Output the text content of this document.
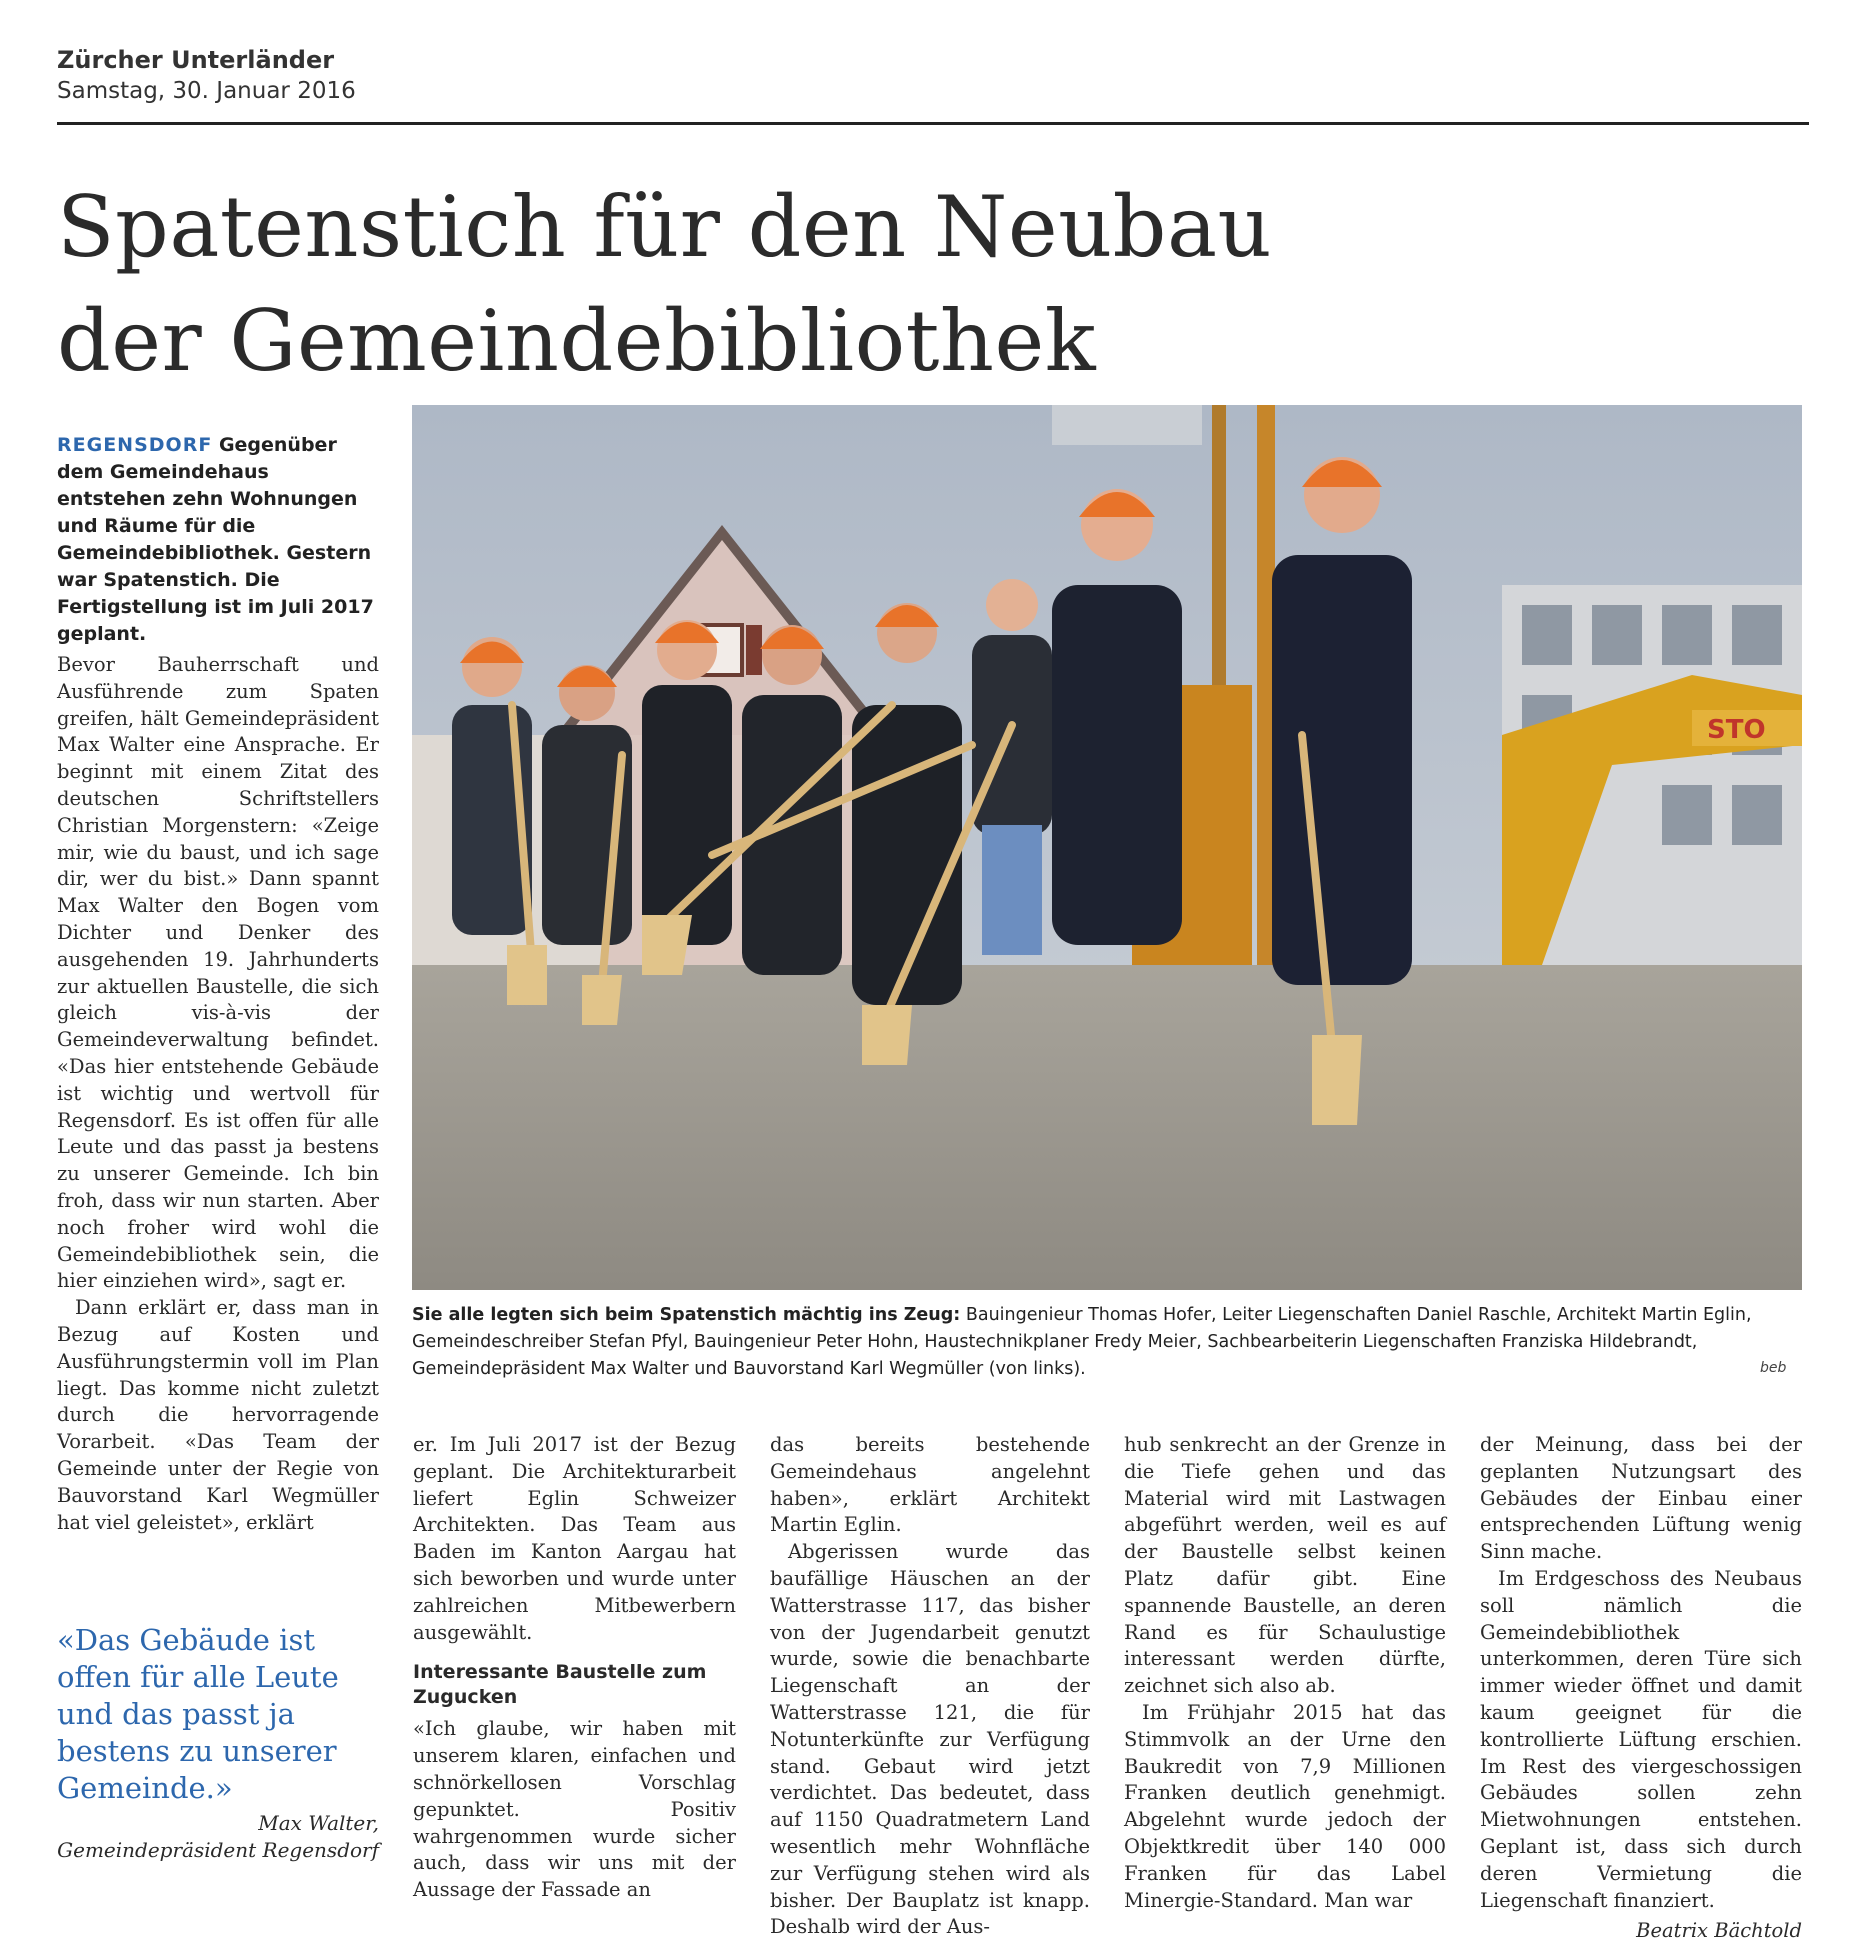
Zürcher Unterländer
Samstag, 30. Januar 2016
Spatenstich für den Neubau
der Gemeindebibliothek
REGENSDORF Gegenüber dem Gemeindehaus entstehen zehn Wohnungen und Räume für die Gemeindebibliothek. Gestern war Spatenstich. Die Fertigstellung ist im Juli 2017 geplant.

Bevor Bauherrschaft und Ausführende zum Spaten greifen, hält Gemeindepräsident Max Walter eine Ansprache. Er beginnt mit einem Zitat des deutschen Schriftstellers Christian Morgenstern: «Zeige mir, wie du baust, und ich sage dir, wer du bist.» Dann spannt Max Walter den Bogen vom Dichter und Denker des ausgehenden 19. Jahrhunderts zur aktuellen Baustelle, die sich gleich vis-à-vis der Gemeindeverwaltung befindet. «Das hier entstehende Gebäude ist wichtig und wertvoll für Regensdorf. Es ist offen für alle Leute und das passt ja bestens zu unserer Gemeinde. Ich bin froh, dass wir nun starten. Aber noch froher wird wohl die Gemeindebibliothek sein, die hier einziehen wird», sagt er.

Dann erklärt er, dass man in Bezug auf Kosten und Ausführungstermin voll im Plan liegt. Das komme nicht zuletzt durch die hervorragende Vorarbeit. «Das Team der Gemeinde unter der Regie von Bauvorstand Karl Wegmüller hat viel geleistet», erklärt

«Das Gebäude ist offen für alle Leute und das passt ja bestens zu unserer Gemeinde.»
Max Walter,
Gemeindepräsident Regensdorf
STO
Sie alle legten sich beim Spatenstich mächtig ins Zeug: Bauingenieur Thomas Hofer, Leiter Liegenschaften Daniel Raschle, Architekt Martin Eglin, Gemeindeschreiber Stefan Pfyl, Bauingenieur Peter Hohn, Haustechnikplaner Fredy Meier, Sachbearbeiterin Liegenschaften Franziska Hildebrandt, Gemeindepräsident Max Walter und Bauvorstand Karl Wegmüller (von links).	beb

er. Im Juli 2017 ist der Bezug geplant. Die Architekturarbeit liefert Eglin Schweizer Architekten. Das Team aus Baden im Kanton Aargau hat sich beworben und wurde unter zahlreichen Mitbewerbern ausgewählt.

Interessante Baustelle zum Zugucken

«Ich glaube, wir haben mit unserem klaren, einfachen und schnörkellosen Vorschlag gepunktet. Positiv wahrgenommen wurde sicher auch, dass wir uns mit der Aussage der Fassade an

das bereits bestehende Gemeindehaus angelehnt haben», erklärt Architekt Martin Eglin.

Abgerissen wurde das baufällige Häuschen an der Watterstrasse 117, das bisher von der Jugendarbeit genutzt wurde, sowie die benachbarte Liegenschaft an der Watterstrasse 121, die für Notunterkünfte zur Verfügung stand. Gebaut wird jetzt verdichtet. Das bedeutet, dass auf 1150 Quadratmetern Land wesentlich mehr Wohnfläche zur Verfügung stehen wird als bisher. Der Bauplatz ist knapp. Deshalb wird der Aus-

hub senkrecht an der Grenze in die Tiefe gehen und das Material wird mit Lastwagen abgeführt werden, weil es auf der Baustelle selbst keinen Platz dafür gibt. Eine spannende Baustelle, an deren Rand es für Schaulustige interessant werden dürfte, zeichnet sich also ab.

Im Frühjahr 2015 hat das Stimmvolk an der Urne den Baukredit von 7,9 Millionen Franken deutlich genehmigt. Abgelehnt wurde jedoch der Objektkredit über 140 000 Franken für das Label Minergie-Standard. Man war

der Meinung, dass bei der geplanten Nutzungsart des Gebäudes der Einbau einer entsprechenden Lüftung wenig Sinn mache.

Im Erdgeschoss des Neubaus soll nämlich die Gemeindebibliothek unterkommen, deren Türe sich immer wieder öffnet und damit kaum geeignet für die kontrollierte Lüftung erschien. Im Rest des viergeschossigen Gebäudes sollen zehn Mietwohnungen entstehen. Geplant ist, dass sich durch deren Vermietung die Liegenschaft finanziert.

Beatrix Bächtold
